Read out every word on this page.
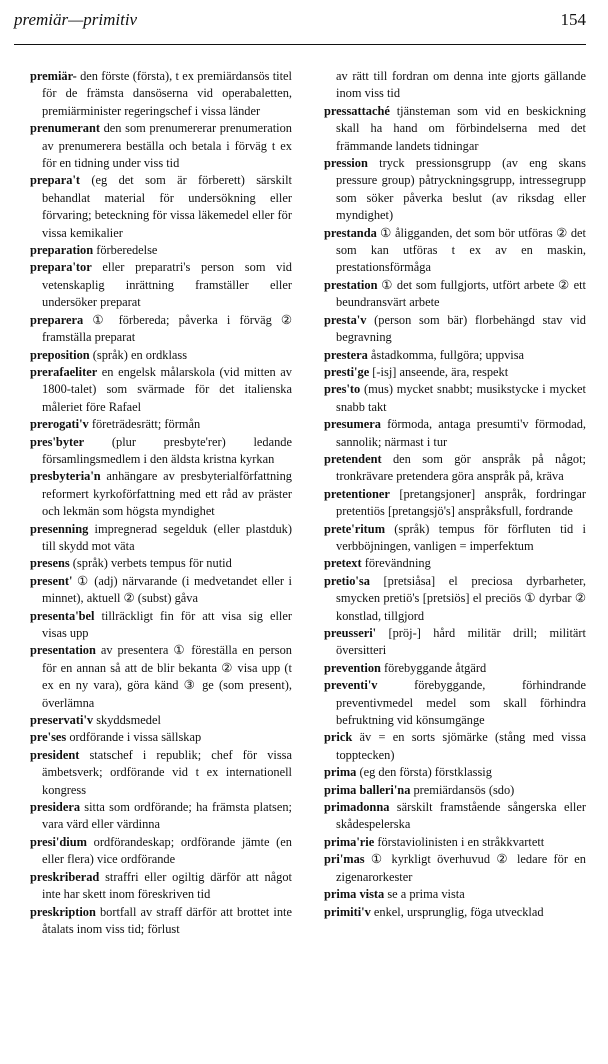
premiär—primitiv	154
premiär- den förste (första), t ex premiärdansös titel för de främsta dansöserna vid operabaletten, premiärminister regeringschef i vissa länder
prenumerant den som prenumererar prenumeration av prenumerera beställa och betala i förväg t ex för en tidning under viss tid
prepara't (eg det som är förberett) särskilt behandlat material för undersökning eller förvaring; beteckning för vissa läkemedel eller för vissa kemikalier
preparation förberedelse
prepara'tor eller preparatri's person som vid vetenskaplig inrättning framställer eller undersöker preparat
preparera ① förbereda; påverka i förväg ② framställa preparat
preposition (språk) en ordklass
prerafaeliter en engelsk målarskola (vid mitten av 1800-talet) som svärmade för det italienska måleriet före Rafael
prerogati'v företrädesrätt; förmån
pres'byter (plur presbyte'rer) ledande församlingsmedlem i den äldsta kristna kyrkan
presbyteria'n anhängare av presbyterialförfattning reformert kyrkoförfattning med ett råd av präster och lekmän som högsta myndighet
presenning impregnerad segelduk (eller plastduk) till skydd mot väta
presens (språk) verbets tempus för nutid
present' ① (adj) närvarande (i medvetandet eller i minnet), aktuell ② (subst) gåva
presenta'bel tillräckligt fin för att visa sig eller visas upp
presentation av presentera ① föreställa en person för en annan så att de blir bekanta ② visa upp (t ex en ny vara), göra känd ③ ge (som present), överlämna
preservati'v skyddsmedel
pre'ses ordförande i vissa sällskap
president statschef i republik; chef för vissa ämbetsverk; ordförande vid t ex internationell kongress
presidera sitta som ordförande; ha främsta platsen; vara värd eller värdinna
presi'dium ordförandeskap; ordförande jämte (en eller flera) vice ordförande
preskriberad straffri eller ogiltig därför att något inte har skett inom föreskriven tid
preskription bortfall av straff därför att brottet inte åtalats inom viss tid; förlust
av rätt till fordran om denna inte gjorts gällande inom viss tid
pressattaché tjänsteman som vid en beskickning skall ha hand om förbindelserna med det främmande landets tidningar
pression tryck pressionsgrupp (av eng skans pressure group) påtryckningsgrupp, intressegrupp som söker påverka beslut (av riksdag eller myndighet)
prestanda ① åligganden, det som bör utföras ② det som kan utföras t ex av en maskin, prestationsförmåga
prestation ① det som fullgjorts, utfört arbete ② ett beundransvärt arbete
presta'v (person som bär) florbehängd stav vid begravning
prestera åstadkomma, fullgöra; uppvisa
presti'ge [-isj] anseende, ära, respekt
pres'to (mus) mycket snabbt; musikstycke i mycket snabb takt
presumera förmoda, antaga presumti'v förmodad, sannolik; närmast i tur
pretendent den som gör anspråk på något; tronkrävare pretendera göra anspråk på, kräva
pretentioner [pretangsjoner] anspråk, fordringar pretentiös [pretangsjö's] anspråksfull, fordrande
prete'ritum (språk) tempus för förfluten tid i verbböjningen, vanligen = imperfektum
pretext förevändning
pretio'sa [pretsiåsa] el preciosa dyrbarheter, smycken pretiö's [pretsiös] el preciös ① dyrbar ② konstlad, tillgjord
preusseri' [pröj-] hård militär drill; militärt översitteri
prevention förebyggande åtgärd
preventi'v förebyggande, förhindrande preventivmedel medel som skall förhindra befruktning vid könsumgänge
prick äv = en sorts sjömärke (stång med vissa topptecken)
prima (eg den första) förstklassig
prima balleri'na premiärdansös (sdo)
primadonna särskilt framstående sångerska eller skådespelerska
prima'rie förstaviolinisten i en stråkkvartett
pri'mas ① kyrkligt överhuvud ② ledare för en zigenarorkester
prima vista se a prima vista
primiti'v enkel, ursprunglig, föga utvecklad
